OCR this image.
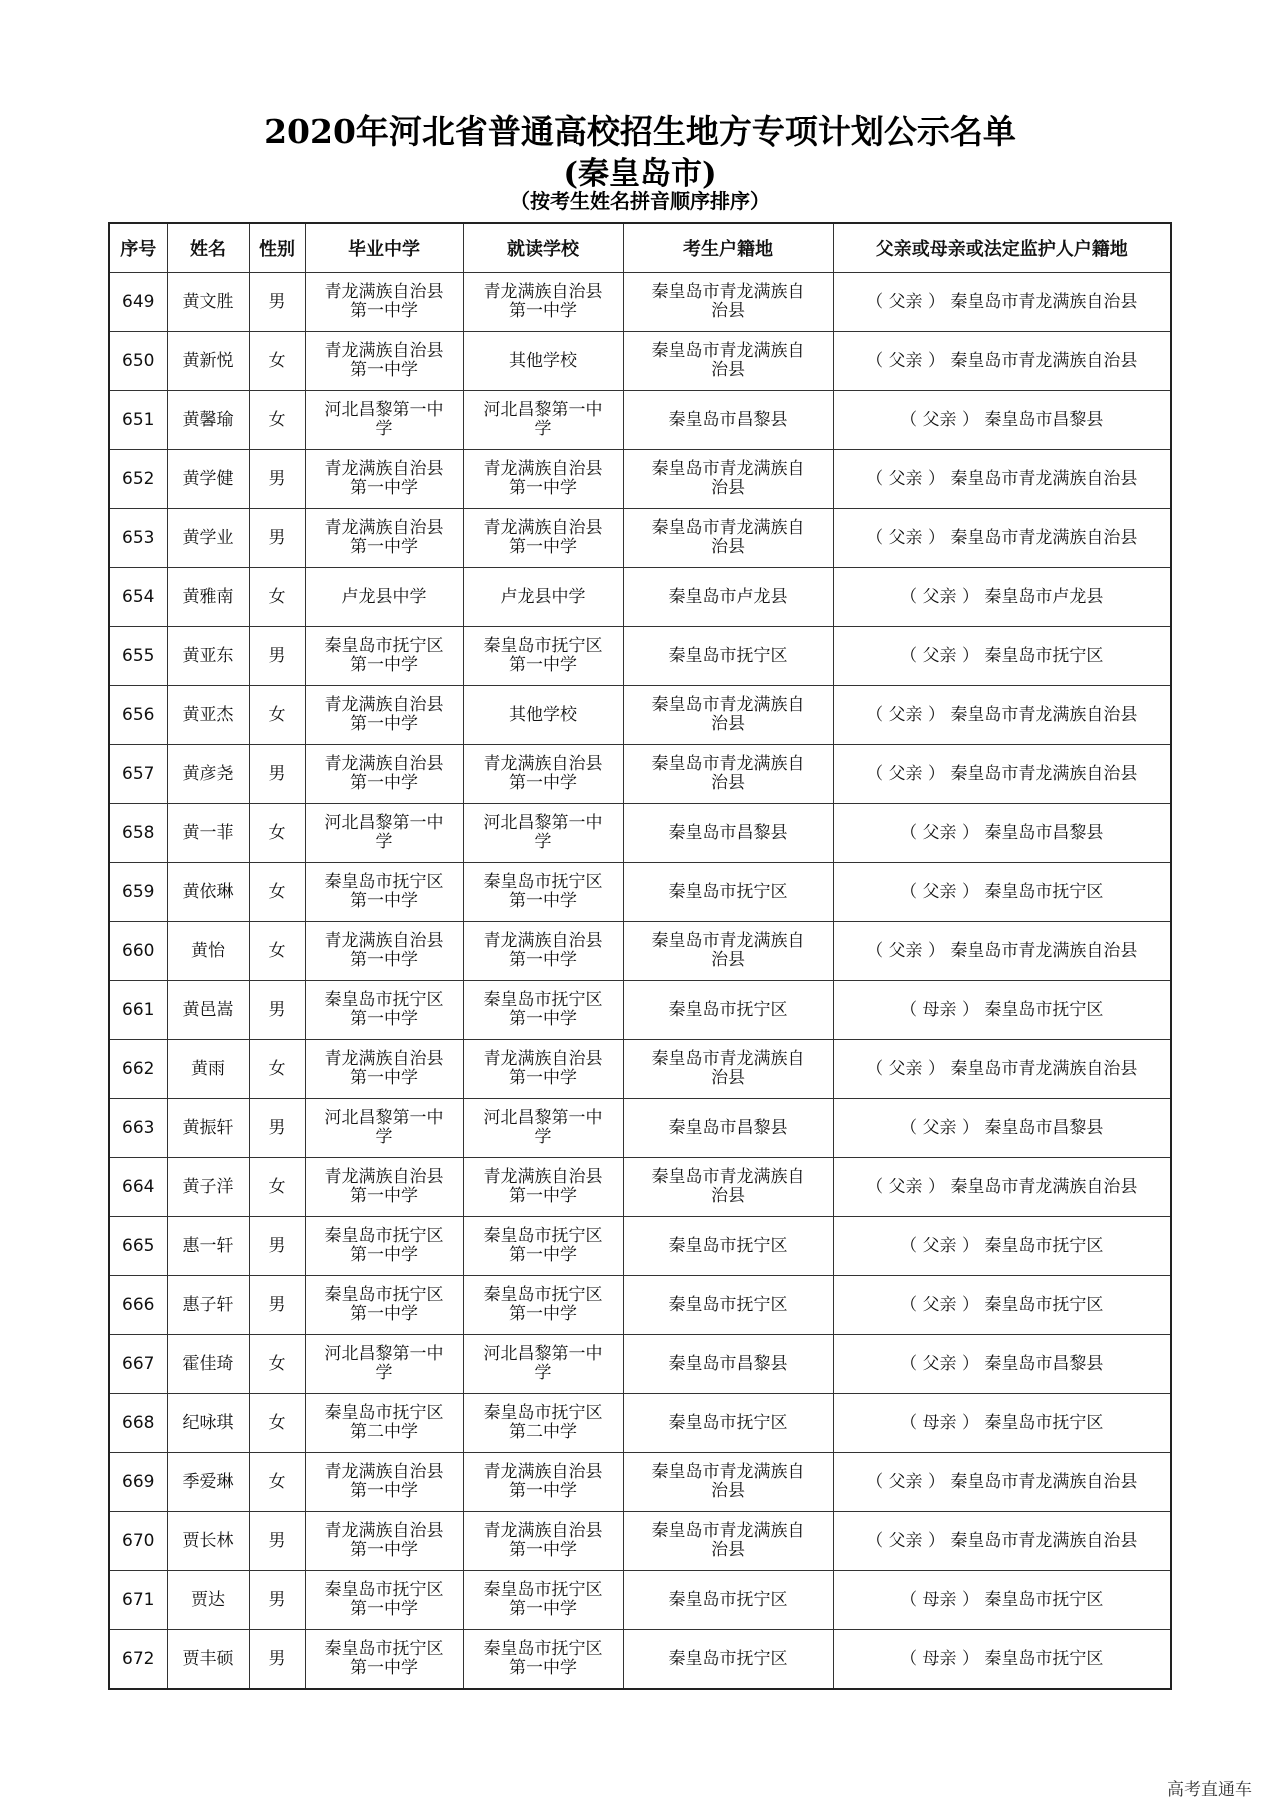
2020年河北省普通高校招生地方专项计划公示名单
(秦皇岛市)
（按考生姓名拼音顺序排序）
序号	姓名	性别	毕业中学	就读学校	考生户籍地	父亲或母亲或法定监护人户籍地
649	黄文胜	男	青龙满族自治县第一中学	青龙满族自治县第一中学	秦皇岛市青龙满族自治县	（ 父亲 ） 秦皇岛市青龙满族自治县
650	黄新悦	女	青龙满族自治县第一中学	其他学校	秦皇岛市青龙满族自治县	（ 父亲 ） 秦皇岛市青龙满族自治县
651	黄馨瑜	女	河北昌黎第一中学	河北昌黎第一中学	秦皇岛市昌黎县	（ 父亲 ） 秦皇岛市昌黎县
652	黄学健	男	青龙满族自治县第一中学	青龙满族自治县第一中学	秦皇岛市青龙满族自治县	（ 父亲 ） 秦皇岛市青龙满族自治县
653	黄学业	男	青龙满族自治县第一中学	青龙满族自治县第一中学	秦皇岛市青龙满族自治县	（ 父亲 ） 秦皇岛市青龙满族自治县
654	黄雅南	女	卢龙县中学	卢龙县中学	秦皇岛市卢龙县	（ 父亲 ） 秦皇岛市卢龙县
655	黄亚东	男	秦皇岛市抚宁区第一中学	秦皇岛市抚宁区第一中学	秦皇岛市抚宁区	（ 父亲 ） 秦皇岛市抚宁区
656	黄亚杰	女	青龙满族自治县第一中学	其他学校	秦皇岛市青龙满族自治县	（ 父亲 ） 秦皇岛市青龙满族自治县
657	黄彦尧	男	青龙满族自治县第一中学	青龙满族自治县第一中学	秦皇岛市青龙满族自治县	（ 父亲 ） 秦皇岛市青龙满族自治县
658	黄一菲	女	河北昌黎第一中学	河北昌黎第一中学	秦皇岛市昌黎县	（ 父亲 ） 秦皇岛市昌黎县
659	黄依琳	女	秦皇岛市抚宁区第一中学	秦皇岛市抚宁区第一中学	秦皇岛市抚宁区	（ 父亲 ） 秦皇岛市抚宁区
660	黄怡	女	青龙满族自治县第一中学	青龙满族自治县第一中学	秦皇岛市青龙满族自治县	（ 父亲 ） 秦皇岛市青龙满族自治县
661	黄邑嵩	男	秦皇岛市抚宁区第一中学	秦皇岛市抚宁区第一中学	秦皇岛市抚宁区	（ 母亲 ） 秦皇岛市抚宁区
662	黄雨	女	青龙满族自治县第一中学	青龙满族自治县第一中学	秦皇岛市青龙满族自治县	（ 父亲 ） 秦皇岛市青龙满族自治县
663	黄振轩	男	河北昌黎第一中学	河北昌黎第一中学	秦皇岛市昌黎县	（ 父亲 ） 秦皇岛市昌黎县
664	黄子洋	女	青龙满族自治县第一中学	青龙满族自治县第一中学	秦皇岛市青龙满族自治县	（ 父亲 ） 秦皇岛市青龙满族自治县
665	惠一轩	男	秦皇岛市抚宁区第一中学	秦皇岛市抚宁区第一中学	秦皇岛市抚宁区	（ 父亲 ） 秦皇岛市抚宁区
666	惠子轩	男	秦皇岛市抚宁区第一中学	秦皇岛市抚宁区第一中学	秦皇岛市抚宁区	（ 父亲 ） 秦皇岛市抚宁区
667	霍佳琦	女	河北昌黎第一中学	河北昌黎第一中学	秦皇岛市昌黎县	（ 父亲 ） 秦皇岛市昌黎县
668	纪咏琪	女	秦皇岛市抚宁区第二中学	秦皇岛市抚宁区第二中学	秦皇岛市抚宁区	（ 母亲 ） 秦皇岛市抚宁区
669	季爱琳	女	青龙满族自治县第一中学	青龙满族自治县第一中学	秦皇岛市青龙满族自治县	（ 父亲 ） 秦皇岛市青龙满族自治县
670	贾长林	男	青龙满族自治县第一中学	青龙满族自治县第一中学	秦皇岛市青龙满族自治县	（ 父亲 ） 秦皇岛市青龙满族自治县
671	贾达	男	秦皇岛市抚宁区第一中学	秦皇岛市抚宁区第一中学	秦皇岛市抚宁区	（ 母亲 ） 秦皇岛市抚宁区
672	贾丰硕	男	秦皇岛市抚宁区第一中学	秦皇岛市抚宁区第一中学	秦皇岛市抚宁区	（ 母亲 ） 秦皇岛市抚宁区
高考直通车
